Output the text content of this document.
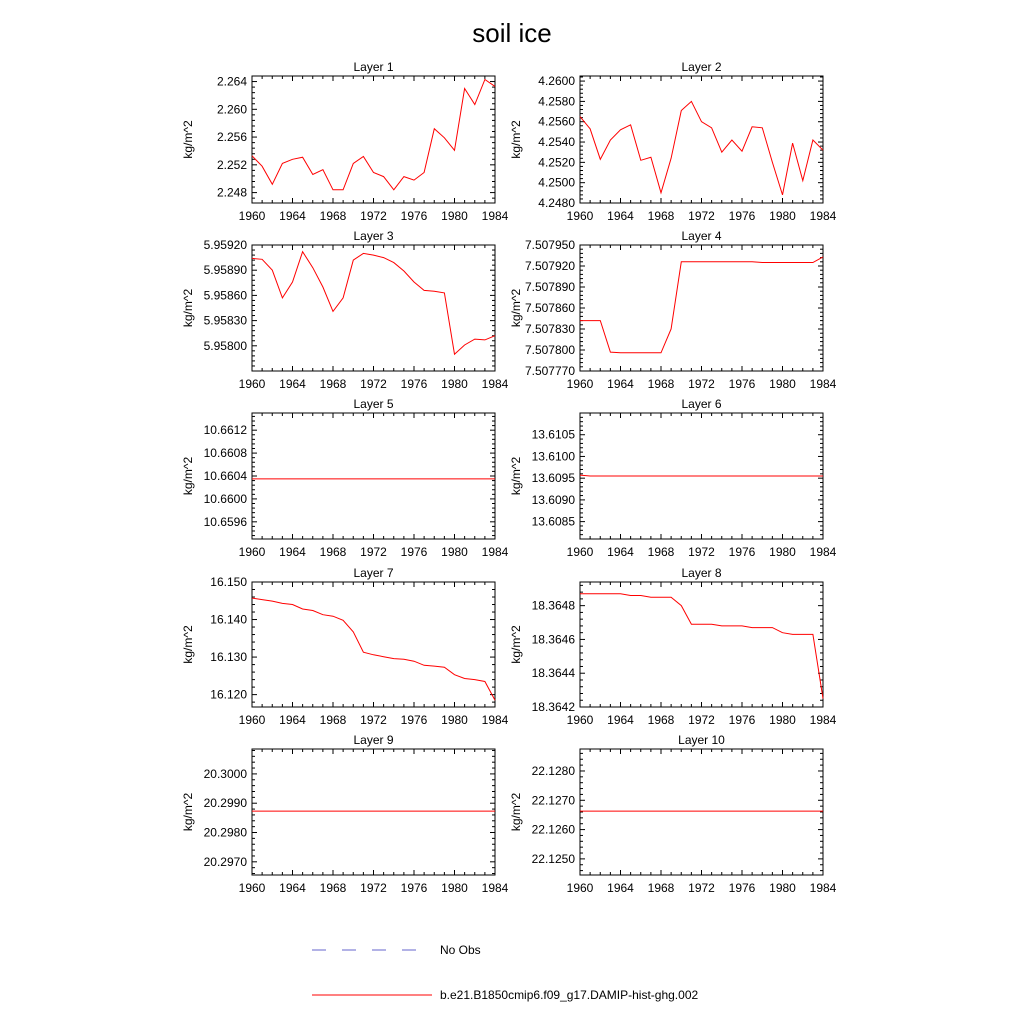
soil ice
Layer 1
kg/m^2
1960 1964 1968 1972 1976 1980 1984
2.248
2.252
2.256
2.260
2.264
Layer 2
kg/m^2
1960 1964 1968 1972 1976 1980 1984
4.2480
4.2500
4.2520
4.2540
4.2560
4.2580
4.2600
Layer 3
kg/m^2
1960 1964 1968 1972 1976 1980 1984
5.95800
5.95830
5.95860
5.95890
5.95920
Layer 4
kg/m^2
1960 1964 1968 1972 1976 1980 1984
7.507770
7.507800
7.507830
7.507860
7.507890
7.507920
7.507950
Layer 5
kg/m^2
1960 1964 1968 1972 1976 1980 1984
10.6596
10.6600
10.6604
10.6608
10.6612
Layer 6
kg/m^2
1960 1964 1968 1972 1976 1980 1984
13.6085
13.6090
13.6095
13.6100
13.6105
Layer 7
kg/m^2
1960 1964 1968 1972 1976 1980 1984
16.120
16.130
16.140
16.150
Layer 8
kg/m^2
1960 1964 1968 1972 1976 1980 1984
18.3642
18.3644
18.3646
18.3648
Layer 9
kg/m^2
1960 1964 1968 1972 1976 1980 1984
20.2970
20.2980
20.2990
20.3000
Layer 10
kg/m^2
1960 1964 1968 1972 1976 1980 1984
22.1250
22.1260
22.1270
22.1280
No Obs
b.e21.B1850cmip6.f09_g17.DAMIP-hist-ghg.002
